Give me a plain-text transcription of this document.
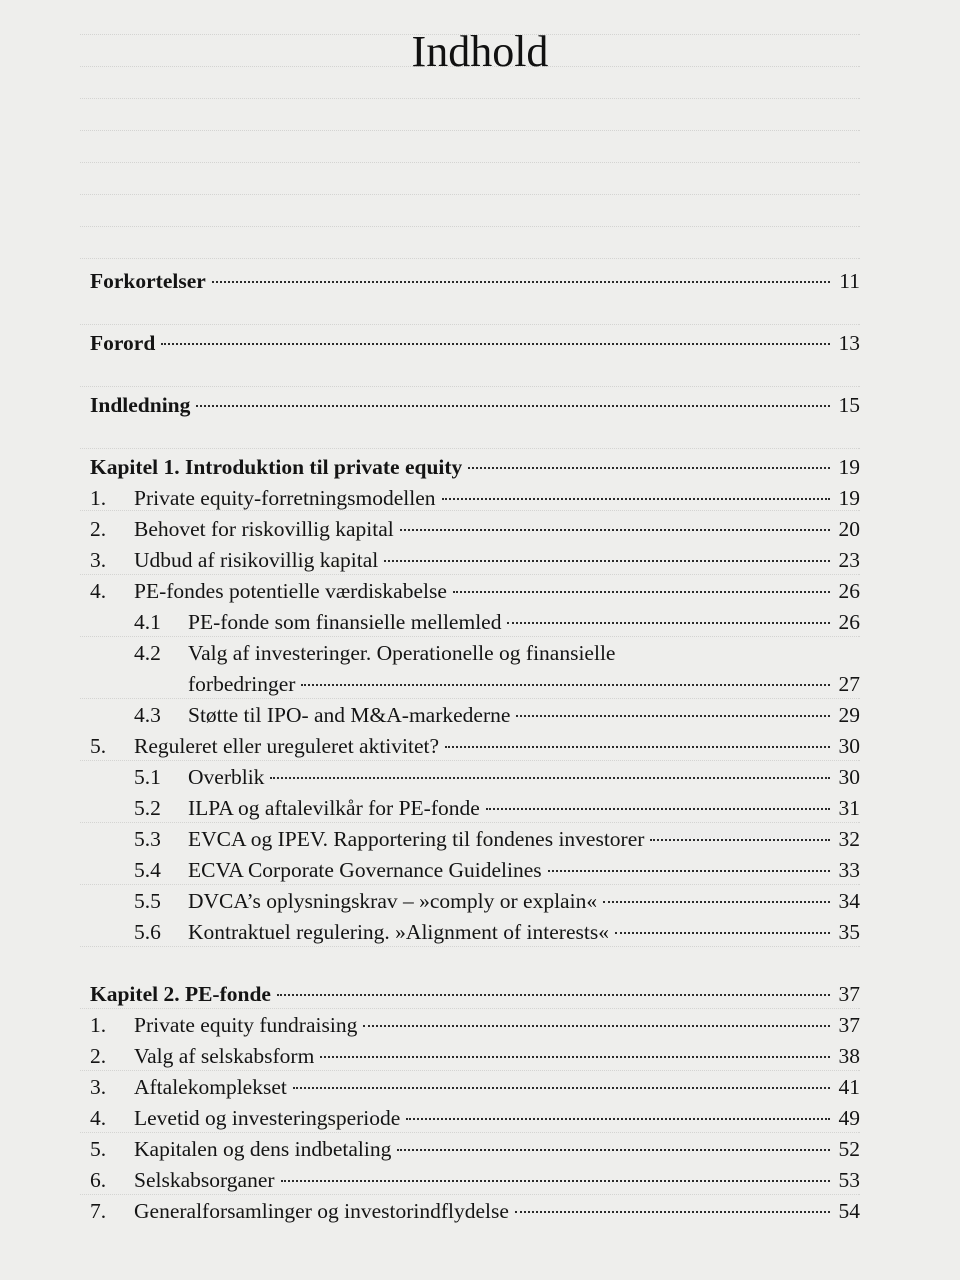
Indhold
Forkortelser	11
Forord	13
Indledning	15
Kapitel 1. Introduktion til private equity	19
1.	Private equity-forretningsmodellen	19
2.	Behovet for riskovillig kapital	20
3.	Udbud af risikovillig kapital	23
4.	PE-fondes potentielle værdiskabelse	26
4.1	PE-fonde som finansielle mellemled	26
4.2	Valg af investeringer. Operationelle og finansielle
forbedringer	27
4.3	Støtte til IPO- and M&A-markederne	29
5.	Reguleret eller ureguleret aktivitet?	30
5.1	Overblik	30
5.2	ILPA og aftalevilkår for PE-fonde	31
5.3	EVCA og IPEV. Rapportering til fondenes investorer	32
5.4	ECVA Corporate Governance Guidelines	33
5.5	DVCA’s oplysningskrav – »comply or explain«	34
5.6	Kontraktuel regulering. »Alignment of interests«	35
Kapitel 2. PE-fonde	37
1.	Private equity fundraising	37
2.	Valg af selskabsform	38
3.	Aftalekomplekset	41
4.	Levetid og investeringsperiode	49
5.	Kapitalen og dens indbetaling	52
6.	Selskabsorganer	53
7.	Generalforsamlinger og investorindflydelse	54
